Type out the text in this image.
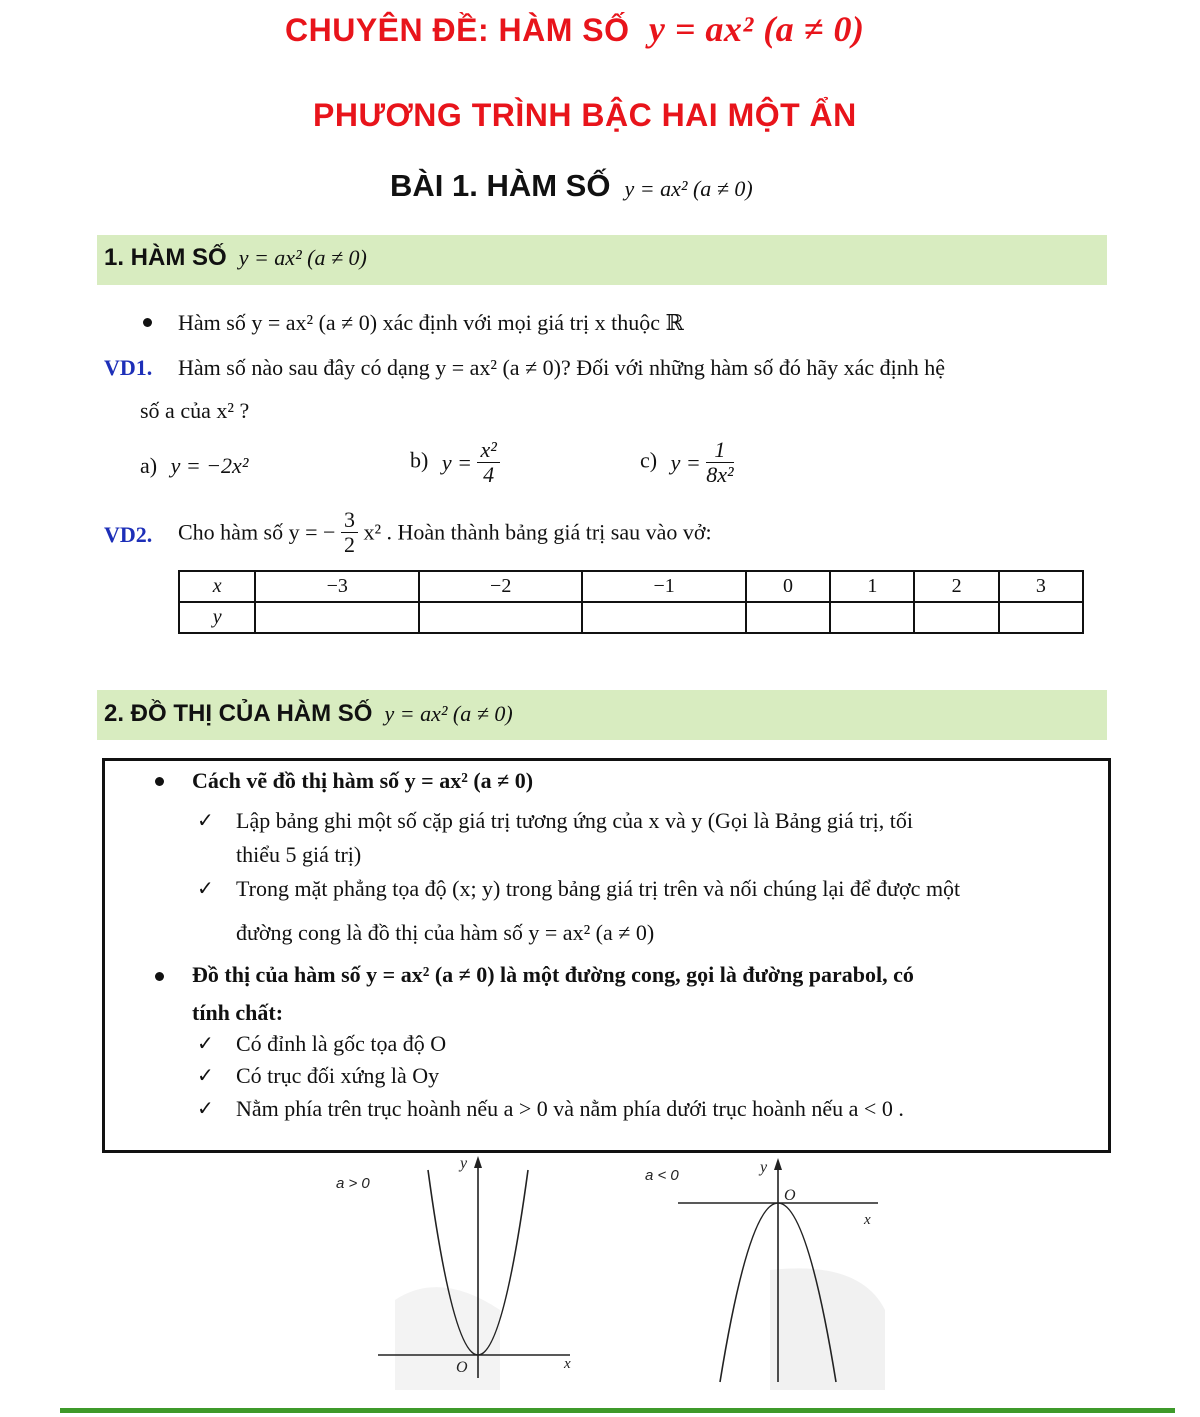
CHUYÊN ĐỀ: HÀM SỐ y = ax² (a ≠ 0)
PHƯƠNG TRÌNH BẬC HAI MỘT ẨN
BÀI 1. HÀM SỐ y = ax² (a ≠ 0)
1. HÀM SỐ y = ax² (a ≠ 0)
Hàm số y = ax² (a ≠ 0) xác định với mọi giá trị x thuộc ℝ
VD1. Hàm số nào sau đây có dạng y = ax² (a ≠ 0)? Đối với những hàm số đó hãy xác định hệ
số a của x² ?
a) y = −2x²	b) $y = \frac{\text{x²}}{4}$	c) $y = \frac{1}{\text{8x²}}$
VD2. Cho hàm số y = − $\frac{3}{2} x^2$ . Hoàn thành bảng giá trị sau vào vở:
x	−3	−2	−1	0	1	2	3
y							
2. ĐỒ THỊ CỦA HÀM SỐ y = ax² (a ≠ 0)
Cách vẽ đồ thị hàm số y = ax² (a ≠ 0)
✓ Lập bảng ghi một số cặp giá trị tương ứng của x và y (Gọi là Bảng giá trị, tối
thiểu 5 giá trị)
✓ Trong mặt phẳng tọa độ (x; y) trong bảng giá trị trên và nối chúng lại để được một
đường cong là đồ thị của hàm số y = ax² (a ≠ 0)
Đồ thị của hàm số y = ax² (a ≠ 0) là một đường cong, gọi là đường parabol, có
tính chất:
✓ Có đỉnh là gốc tọa độ O
✓ Có trục đối xứng là Oy
✓ Nằm phía trên trục hoành nếu a > 0 và nằm phía dưới trục hoành nếu a < 0 .
a > 0
y
x
O
a < 0	y
x
O
